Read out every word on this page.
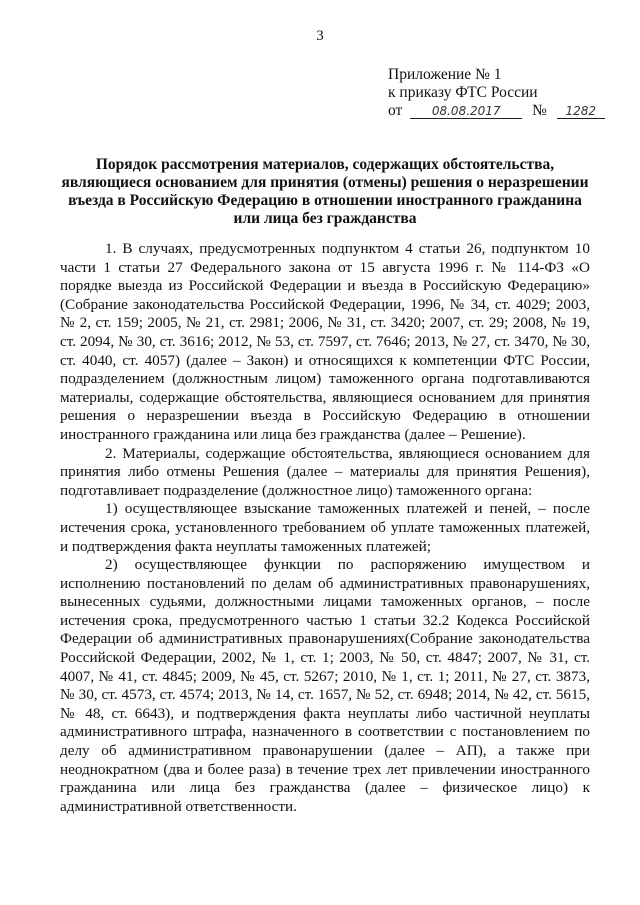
3
Приложение № 1
к приказу ФТС России
от 08.08.2017 № 1282
Порядок рассмотрения материалов, содержащих обстоятельства,
являющиеся основанием для принятия (отмены) решения о неразрешении
въезда в Российскую Федерацию в отношении иностранного гражданина
или лица без гражданства

1. В случаях, предусмотренных подпунктом 4 статьи 26, подпунктом 10 части 1 статьи 27 Федерального закона от 15 августа 1996 г. № 114-ФЗ «О порядке выезда из Российской Федерации и въезда в Российскую Федерацию» (Собрание законодательства Российской Федерации, 1996, № 34, ст. 4029; 2003, № 2, ст. 159; 2005, № 21, ст. 2981; 2006, № 31, ст. 3420; 2007, ст. 29; 2008, № 19, ст. 2094, № 30, ст. 3616; 2012, № 53, ст. 7597, ст. 7646; 2013, № 27, ст. 3470, № 30, ст. 4040, ст. 4057) (далее – Закон) и относящихся к компетенции ФТС России, подразделением (должностным лицом) таможенного органа подготавливаются материалы, содержащие обстоятельства, являющиеся основанием для принятия решения о неразрешении въезда в Российскую Федерацию в отношении иностранного гражданина или лица без гражданства (далее – Решение).

2. Материалы, содержащие обстоятельства, являющиеся основанием для принятия либо отмены Решения (далее – материалы для принятия Решения), подготавливает подразделение (должностное лицо) таможенного органа:

1) осуществляющее взыскание таможенных платежей и пеней, – после истечения срока, установленного требованием об уплате таможенных платежей, и подтверждения факта неуплаты таможенных платежей;

2) осуществляющее функции по распоряжению имуществом и исполнению постановлений по делам об административных правонарушениях, вынесенных судьями, должностными лицами таможенных органов, – после истечения срока, предусмотренного частью 1 статьи 32.2 Кодекса Российской Федерации об административных правонарушениях(Собрание законодательства Российской Федерации, 2002, № 1, ст. 1; 2003, № 50, ст. 4847; 2007, № 31, ст. 4007, № 41, ст. 4845; 2009, № 45, ст. 5267; 2010, № 1, ст. 1; 2011, № 27, ст. 3873, № 30, ст. 4573, ст. 4574; 2013, № 14, ст. 1657, № 52, ст. 6948; 2014, № 42, ст. 5615, № 48, ст. 6643), и подтверждения факта неуплаты либо частичной неуплаты административного штрафа, назначенного в соответствии с постановлением по делу об административном правонарушении (далее – АП), а также при неоднократном (два и более раза) в течение трех лет привлечении иностранного гражданина или лица без гражданства (далее – физическое лицо) к административной ответственности.
